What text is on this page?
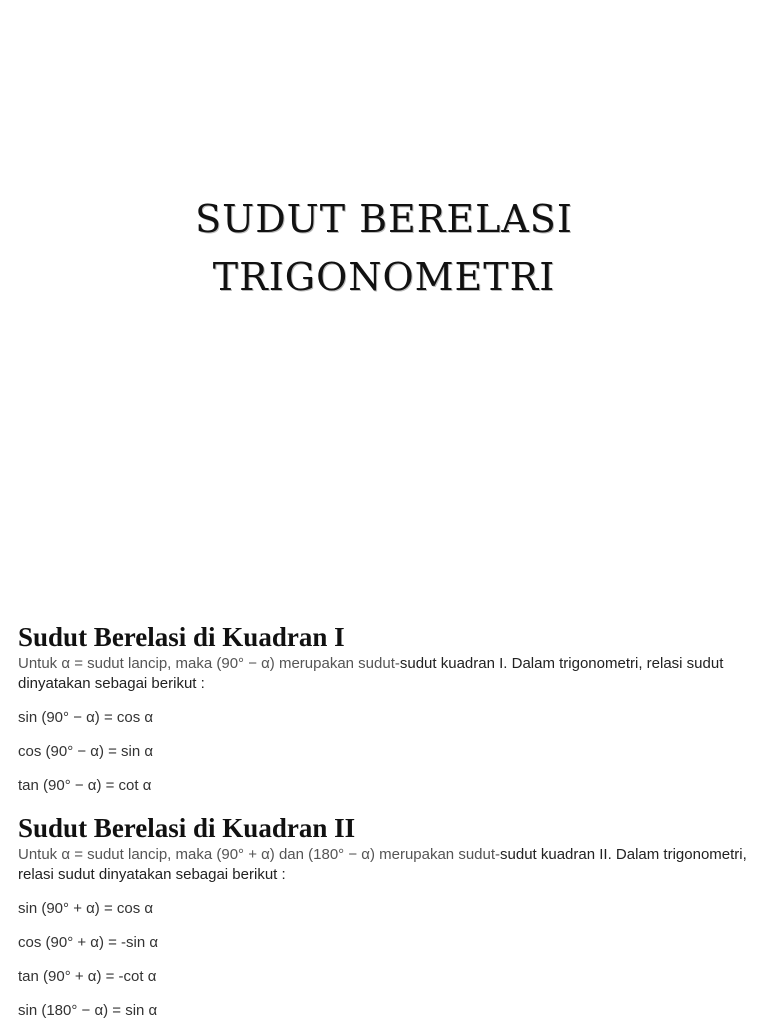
SUDUT BERELASI
TRIGONOMETRI
Sudut Berelasi di Kuadran I

Untuk α = sudut lancip, maka (90° − α) merupakan sudut-sudut kuadran I. Dalam trigonometri, relasi sudut dinyatakan sebagai berikut :

sin (90° − α) = cos α
cos (90° − α) = sin α
tan (90° − α) = cot α
Sudut Berelasi di Kuadran II

Untuk α = sudut lancip, maka (90° + α) dan (180° − α) merupakan sudut-sudut kuadran II. Dalam trigonometri, relasi sudut dinyatakan sebagai berikut :

sin (90° + α) = cos α
cos (90° + α) = -sin α
tan (90° + α) = -cot α
sin (180° − α) = sin α
